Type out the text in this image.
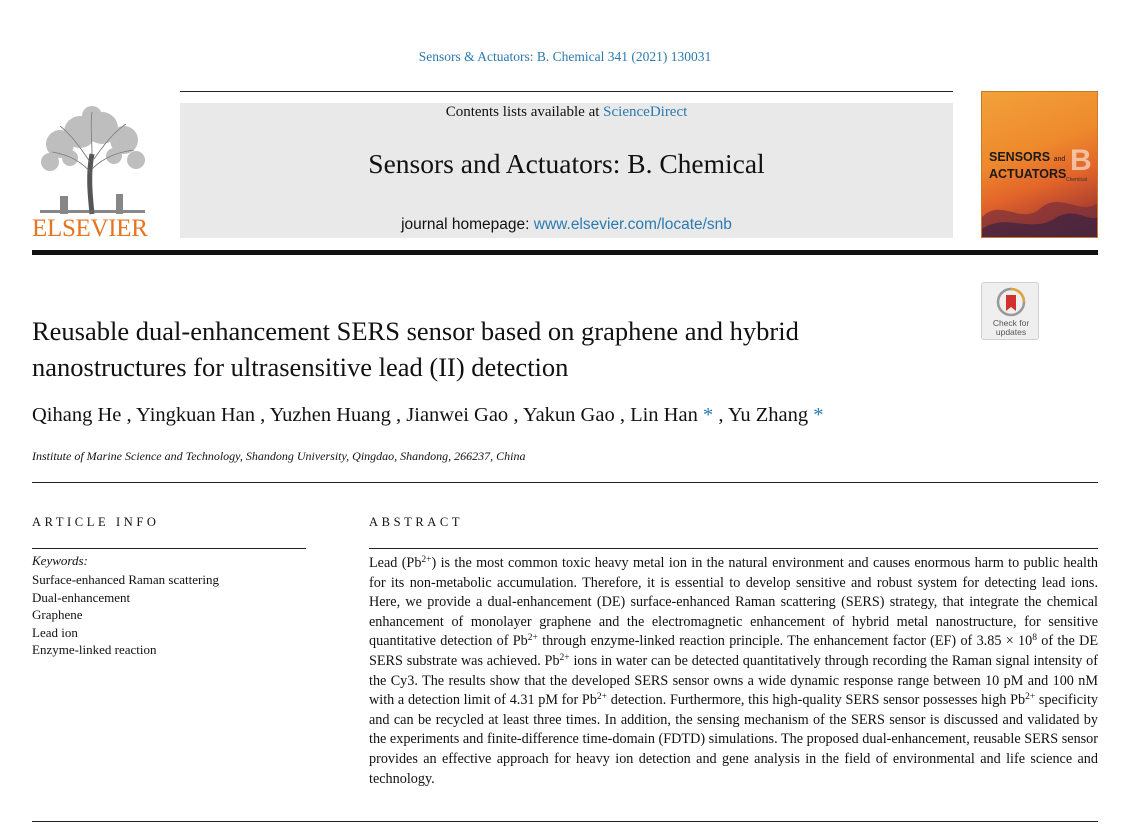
Sensors & Actuators: B. Chemical 341 (2021) 130031
ELSEVIER
Contents lists available at ScienceDirect
Sensors and Actuators: B. Chemical
journal homepage: www.elsevier.com/locate/snb
SENSORS and
ACTUATORS B
Chemical
Check for
updates
Reusable dual-enhancement SERS sensor based on graphene and hybrid nanostructures for ultrasensitive lead (II) detection
Qihang He , Yingkuan Han , Yuzhen Huang , Jianwei Gao , Yakun Gao , Lin Han * , Yu Zhang *
Institute of Marine Science and Technology, Shandong University, Qingdao, Shandong, 266237, China
ARTICLE INFO
Keywords:
Surface-enhanced Raman scattering
Dual-enhancement
Graphene
Lead ion
Enzyme-linked reaction
ABSTRACT

Lead $(Pb^{2+})$ is the most common toxic heavy metal ion in the natural environment and causes enormous harm to public health for its non-metabolic accumulation. Therefore, it is essential to develop sensitive and robust system for detecting lead ions. Here, we provide a dual-enhancement (DE) surface-enhanced Raman scattering (SERS) strategy, that integrate the chemical enhancement of monolayer graphene and the electromagnetic enhancement of hybrid metal nanostructure, for sensitive quantitative detection of $Pb^{2+}$ through enzyme-linked reaction principle. The enhancement factor (EF) of $3.85 \times 10^8$ of the DE SERS substrate was achieved. $Pb^{2+}$ ions in water can be detected quantitatively through recording the Raman signal intensity of the Cy3. The results show that the developed SERS sensor owns a wide dynamic response range between 10 pM and 100 nM with a detection limit of 4.31 pM for $Pb^{2+}$ detection. Furthermore, this high-quality SERS sensor possesses high $Pb^{2+}$ specificity and can be recycled at least three times. In addition, the sensing mechanism of the SERS sensor is discussed and validated by the experiments and finite-difference time-domain (FDTD) simulations. The proposed dual-enhancement, reusable SERS sensor provides an effective approach for heavy ion detection and gene analysis in the field of environmental and life science and technology.
